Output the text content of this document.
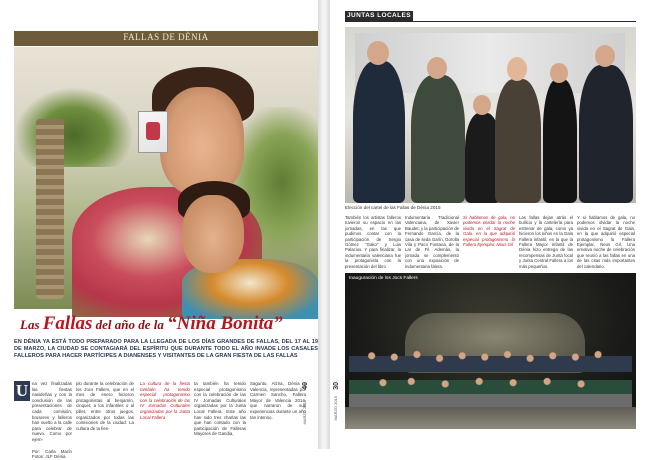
FALLAS DE DÈNIA
Las Fallas del año de la “Niña Bonita”
EN DÈNIA YA ESTÁ TODO PREPARADO PARA LA LLEGADA DE LOS DÍAS GRANDES DE FALLAS, DEL 17 AL 19 DE MARZO, LA CIUDAD SE CONTAGIARÁ DEL ESPÍRITU QUE DURANTE TODO EL AÑO INVADE LOS CASALES FALLEROS PARA HACER PARTÍCIPES A DIANENSES Y VISITANTES DE LA GRAN FIESTA DE LAS FALLAS
U na vez finalizadas las fiestas navideñas y con la conclusión de las presentaciones de cada comisión, bruseres y falleros han vuelto a la calle para celebrar de nuevo. Como por ejem-
Por: Carla Marín Fotos: JLF Dénia
plo durante la celebración de los Jocs Fallers, que en el mes de enero hicieron protagonistas al benjamín, cinquet, a los infantiles o al pillet, entre otros juegos, organizados por todas las comisiones de la ciudad. La cultura de la fies-
La cultura de la fiesta también ha tenido especial protagonismo con la celebración de las IV Jornadas Culturales organizadas por la Junta Local Fallera
ta también ha tenido especial protagonismo con la celebración de las IV Jornadas Culturales organizadas por la Junta Local Fallera. Este año han sido tres charlas las que han contado con la participación de Falleras Mayores de Gandia,
Sagunto, Alzira, Dénia y Valencia, representadas por Carmen Sancho, Fallera Mayor de Valencia 2014, que narraron de sus experiencias durante un año tan intenso.
40
MARZO 2015
JUNTAS LOCALES
Elección del cartel de las Fallas de Dénia 2015
También los artistas falleros tuvieron su espacio en las jornadas, en las que pudimos contar con la participación de Sergio Gómez "Gako" y Luis Palacios. Y para finalizar, la indumentaria valenciana fue la protagonista con la presentación del libro
Indumentaria Tradicional Valenciana, de Xavier Baudet, y la participación de Fernando García, de la casa de seda Garín, Gorolla Vila y Paco Fontana, de la Lar de Fil. Además, la jornada se complementó con una exposición de indumentaria falera.
Si hablamos de gala, no podemos olvidar la noche vivida en el Sagrat de Gala, en la que adquirió especial protagonismo la Fallera Ejemplar, Neus Gil
Las fallas dejan atrás el bullicio y la cartelería para estrenar de gala, como ya hicieron los niños en la Gala Fallera infantil, en la que la Fallera Mayor Infantil de Dénia hizo entrega de las recompensas de Junta local y Junta Central Fallera a los más pequeños.
Y si hablamos de gala, no podemos olvidar la noche vivida en el Sagrat de Gala, en la que adquirió especial protagonismo la Fallera Ejemplar, Neus Gil. Una emotiva noche de celebración que reunió a las fallas en una de las citas más importantes del calendario.
Inauguración de los Jocs Fallers
30
MARZO 2015
